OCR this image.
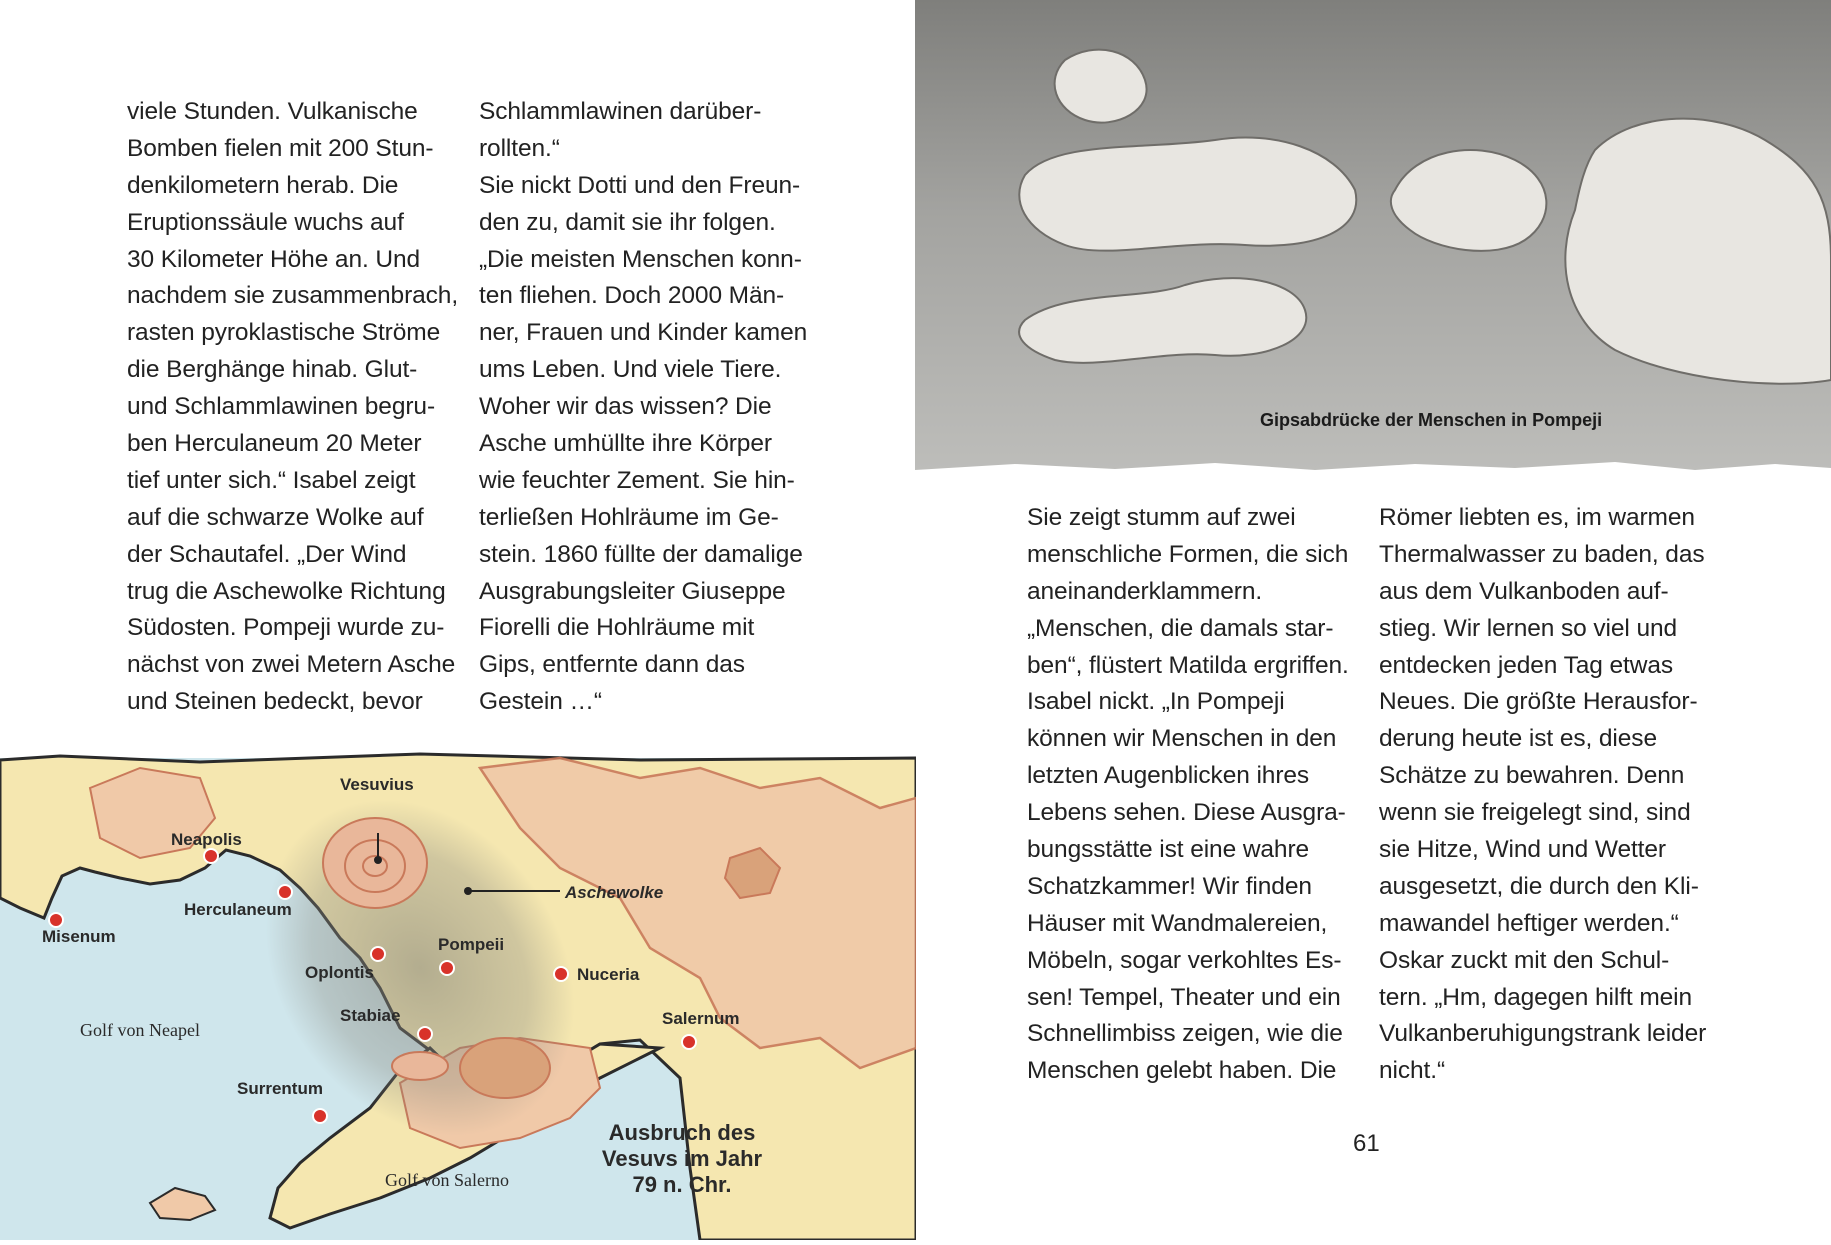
viele Stunden. Vulkanische
Bomben fielen mit 200 Stun-
denkilometern herab. Die
Eruptionssäule wuchs auf
30 Kilometer Höhe an. Und
nachdem sie zusammenbrach,
rasten pyroklastische Ströme
die Berghänge hinab. Glut-
und Schlammlawinen begru-
ben Herculaneum 20 Meter
tief unter sich.“ Isabel zeigt
auf die schwarze Wolke auf
der Schautafel. „Der Wind
trug die Aschewolke Richtung
Südosten. Pompeji wurde zu-
nächst von zwei Metern Asche
und Steinen bedeckt, bevor
Schlammlawinen darüber-
rollten.“
Sie nickt Dotti und den Freun-
den zu, damit sie ihr folgen.
„Die meisten Menschen konn-
ten fliehen. Doch 2000 Män-
ner, Frauen und Kinder kamen
ums Leben. Und viele Tiere.
Woher wir das wissen? Die
Asche umhüllte ihre Körper
wie feuchter Zement. Sie hin-
terließen Hohlräume im Ge-
stein. 1860 füllte der damalige
Ausgrabungsleiter Giuseppe
Fiorelli die Hohlräume mit
Gips, entfernte dann das
Gestein …“
Vesuvius
Neapolis
Herculaneum
Misenum
Oplontis
Pompeii
Nuceria
Stabiae	Salernum
Surrentum
Aschewolke
Golf von Neapel
Golf von Salerno
Ausbruch des
Vesuvs im Jahr
79 n. Chr.
Gipsabdrücke der Menschen in Pompeji
Sie zeigt stumm auf zwei
menschliche Formen, die sich
aneinanderklammern.
„Menschen, die damals star-
ben“, flüstert Matilda ergriffen.
Isabel nickt. „In Pompeji
können wir Menschen in den
letzten Augenblicken ihres
Lebens sehen. Diese Ausgra-
bungsstätte ist eine wahre
Schatzkammer! Wir finden
Häuser mit Wandmalereien,
Möbeln, sogar verkohltes Es-
sen! Tempel, Theater und ein
Schnellimbiss zeigen, wie die
Menschen gelebt haben. Die
Römer liebten es, im warmen
Thermalwasser zu baden, das
aus dem Vulkanboden auf-
stieg. Wir lernen so viel und
entdecken jeden Tag etwas
Neues. Die größte Herausfor-
derung heute ist es, diese
Schätze zu bewahren. Denn
wenn sie freigelegt sind, sind
sie Hitze, Wind und Wetter
ausgesetzt, die durch den Kli-
mawandel heftiger werden.“
Oskar zuckt mit den Schul-
tern. „Hm, dagegen hilft mein
Vulkanberuhigungstrank leider
nicht.“
61
